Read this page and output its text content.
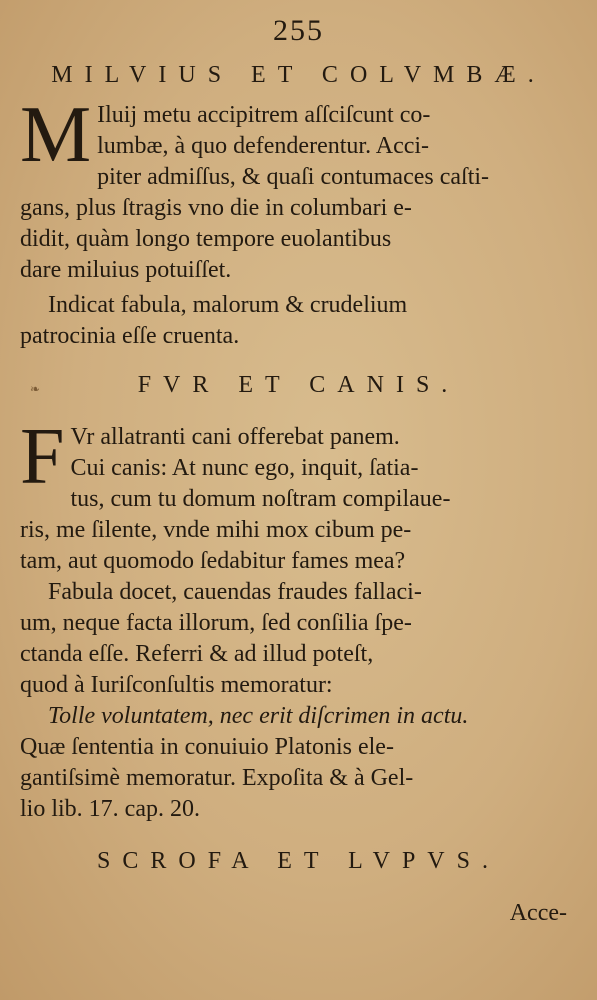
255
MILVIUS ET COLVMBÆ.
M Iluij metu accipitrem aſſciſcunt co-
lumbæ, à quo defenderentur. Acci-
piter admiſſus, & quaſi contumaces caſti-
gans, plus ſtragis vno die in columbari e-
didit, quàm longo tempore euolantibus
dare miluius potuiſſet.
Indicat fabula, malorum & crudelium
patrocinia eſſe cruenta.
❧	FVR ET CANIS.
F Vr allatranti cani offerebat panem.
Cui canis: At nunc ego, inquit, ſatia-
tus, cum tu domum noſtram compilaue-
ris, me ſilente, vnde mihi mox cibum pe-
tam, aut quomodo ſedabitur fames mea?
Fabula docet, cauendas fraudes fallaci-
um, neque facta illorum, ſed conſilia ſpe-
ctanda eſſe. Referri & ad illud poteſt,
quod à Iuriſconſultis memoratur:
Tolle voluntatem, nec erit diſcrimen in actu.
Quæ ſententia in conuiuio Platonis ele-
gantiſsimè memoratur. Expoſita & à Gel-
lio lib. 17. cap. 20.
SCROFA ET LVPVS.
Acce-
